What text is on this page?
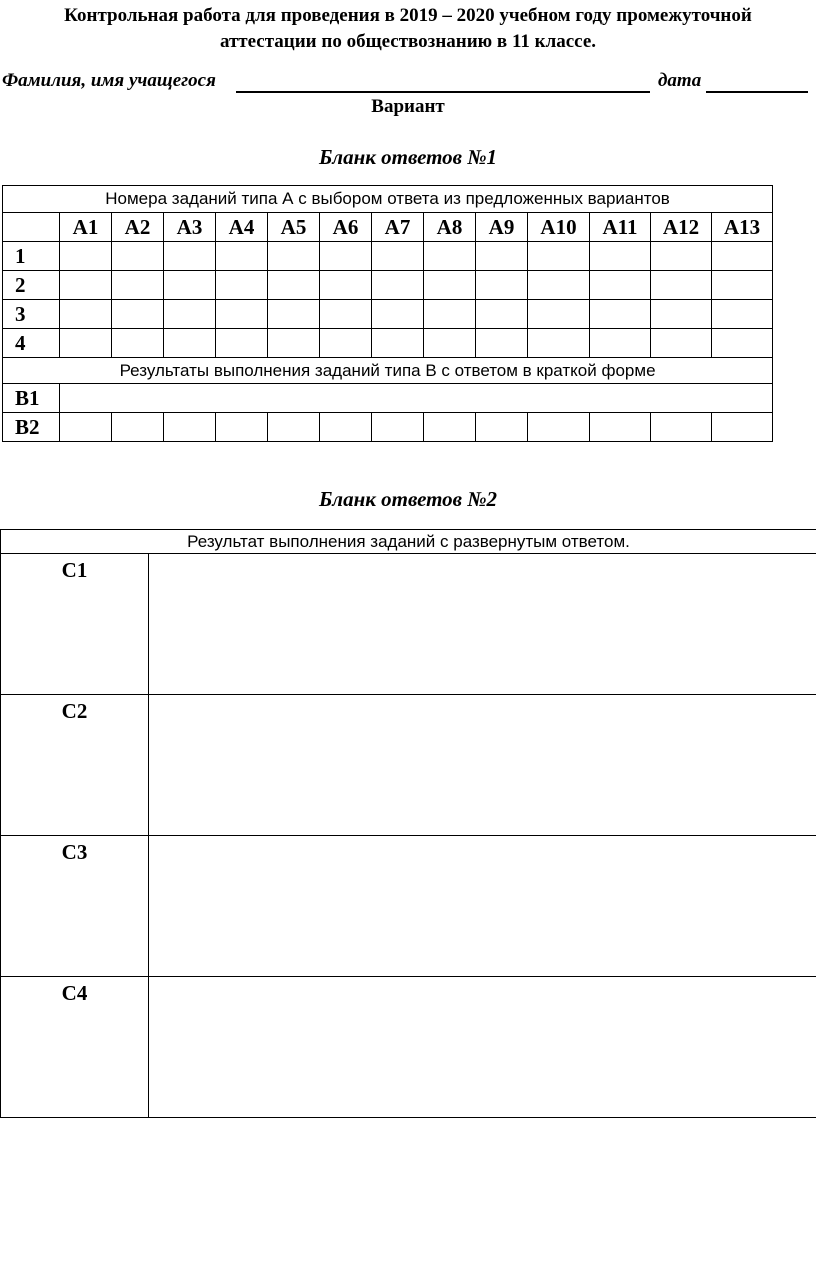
Контрольная работа для проведения в 2019 – 2020 учебном году промежуточной
аттестации по обществознанию в 11 классе.
Фамилия, имя учащегося	дата
Вариант
Бланк ответов №1
Номера заданий типа А с выбором ответа из предложенных вариантов													
	А1	А2	А3	А4	А5	А6	А7	А8	А9	А10	А11	А12	А13
1													
2													
3													
4													
Результаты выполнения заданий типа В с ответом в краткой форме													
В1													
В2													
Бланк ответов №2
Результат выполнения заданий с развернутым ответом.	
С1	
С2	
С3	
С4	
